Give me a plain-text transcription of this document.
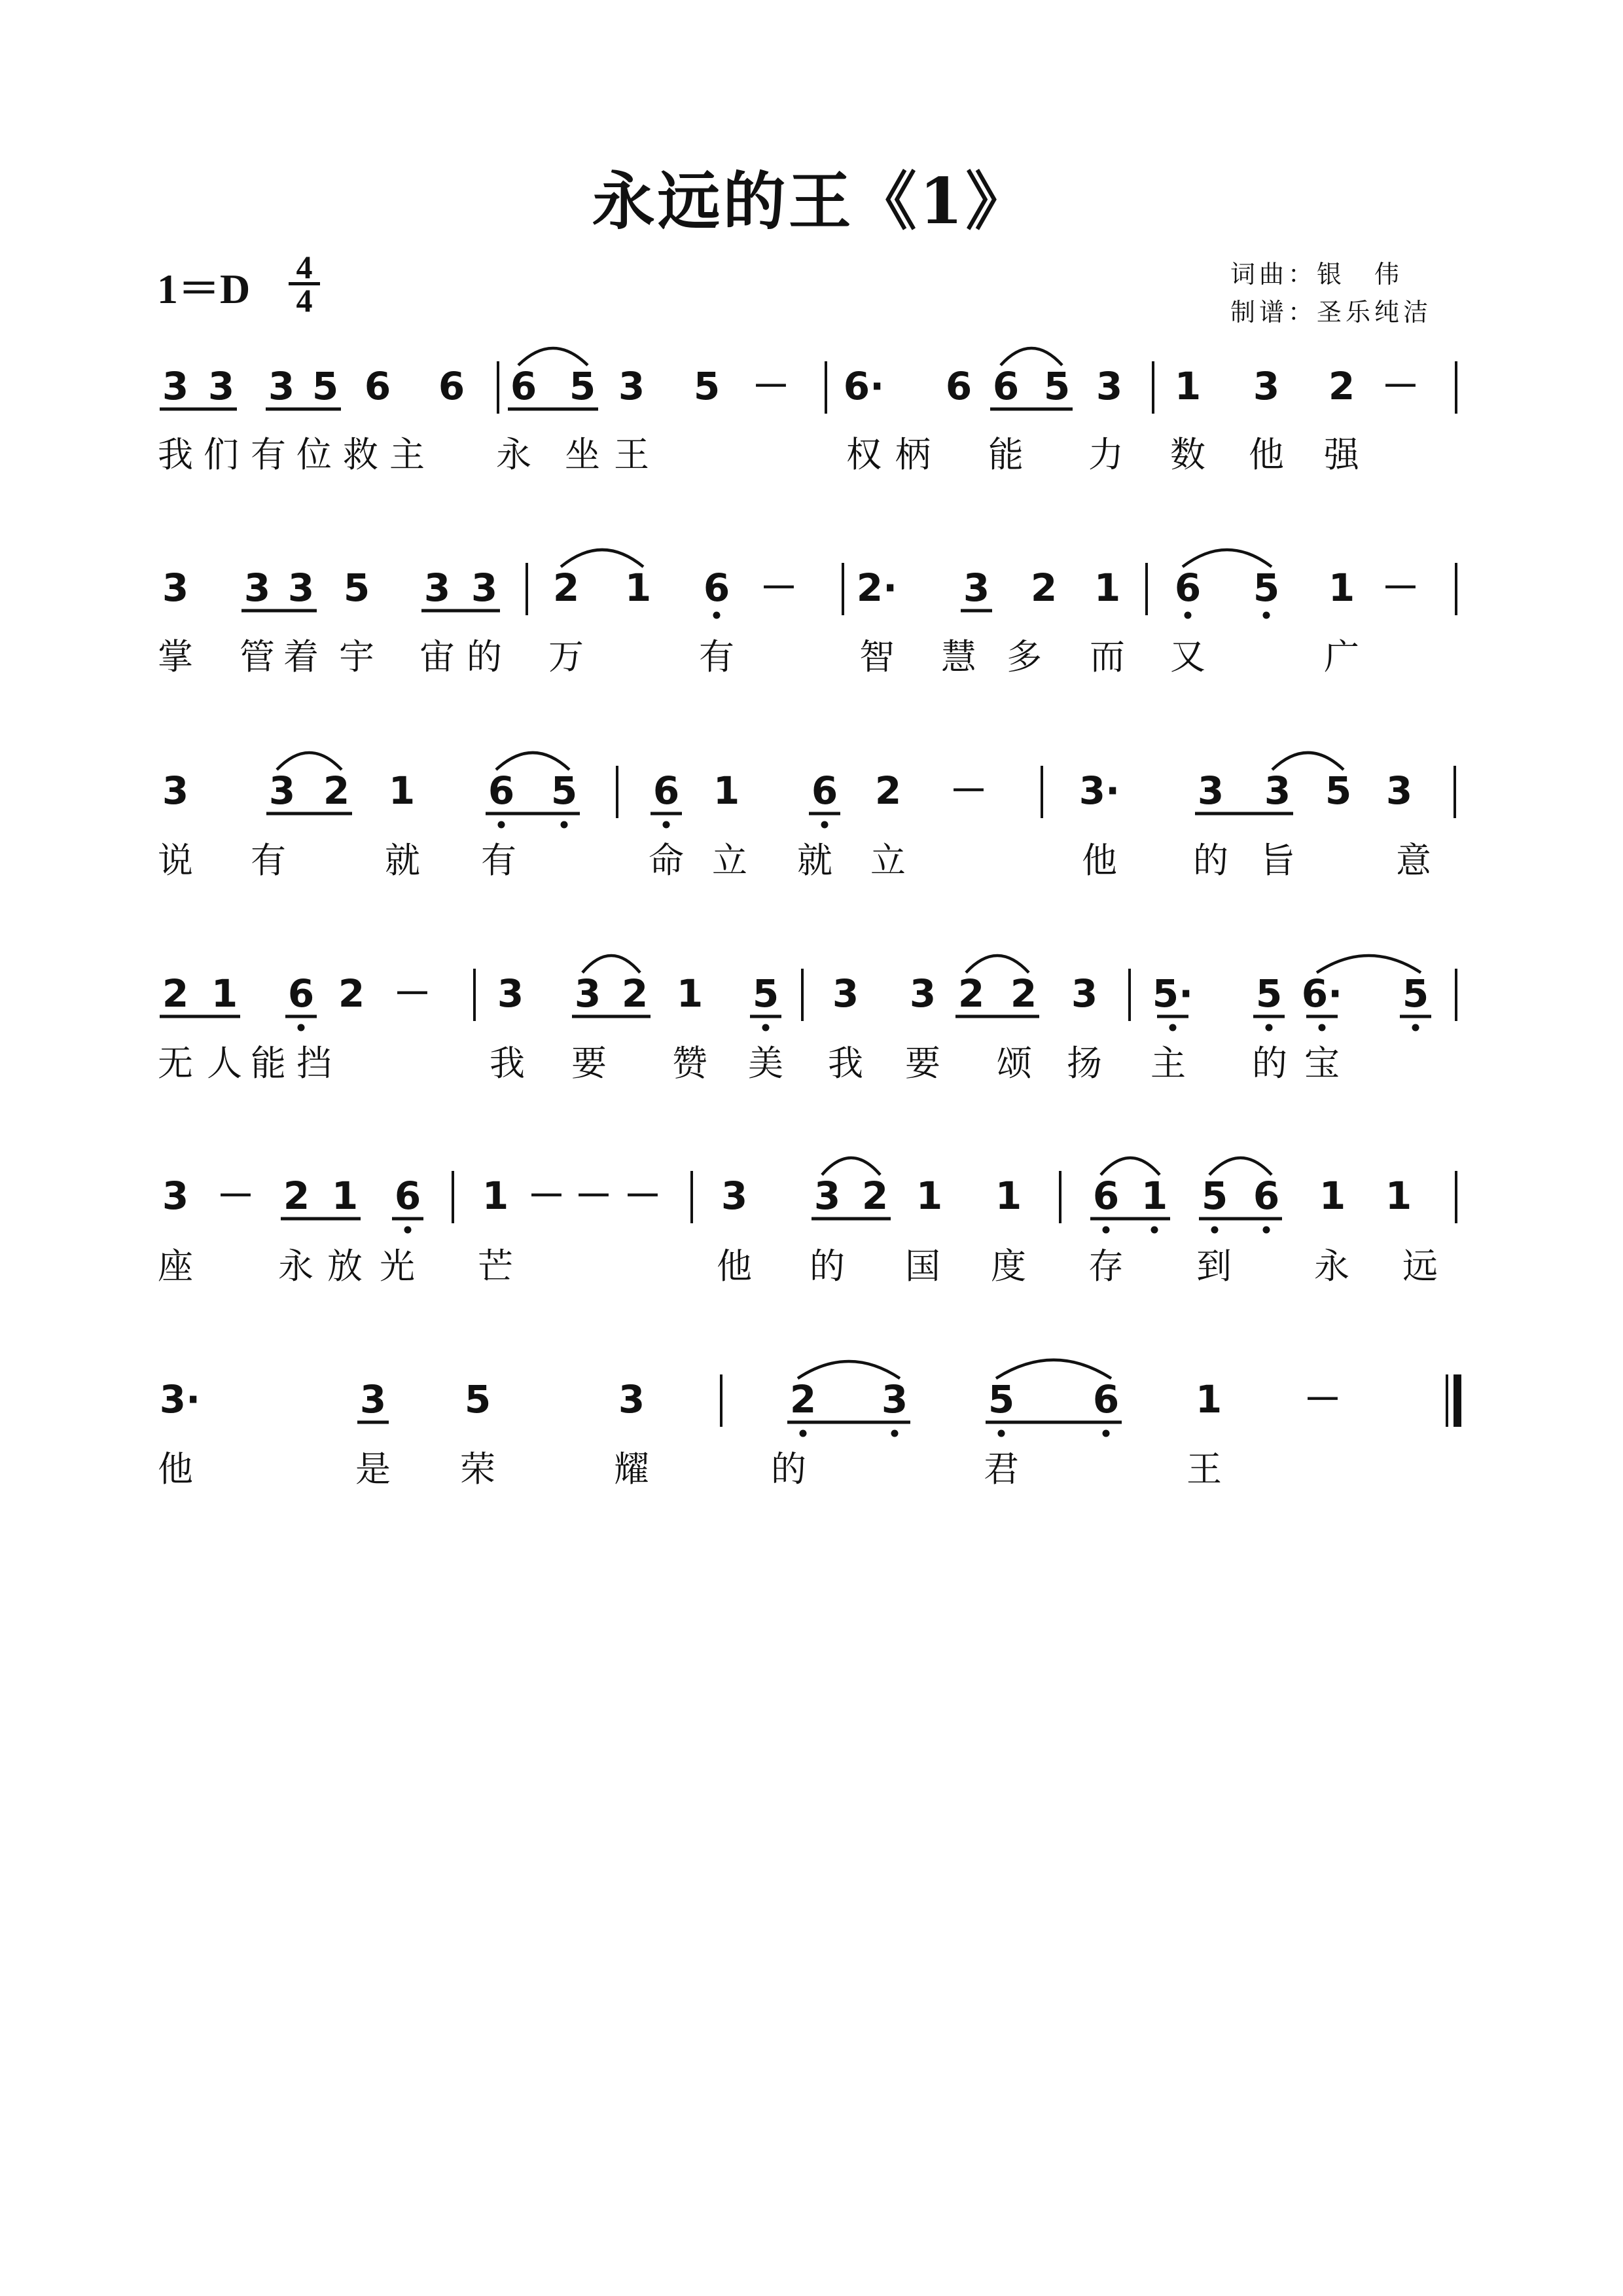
永远的王《1》
1＝D	4
4
词曲：银　伟
制谱：圣乐纯洁
3 3 3 5 6 6 6 5 3 5 － 6· 6 6 5 3 1 3 2 －
我 们 有 位 救 主 永 坐 王	权 柄 能 力 数 他 强
3 3 3 5 3 3 2 1 6 － 2· 3 2 1 6 5 1 －
掌 管 着 宇 宙 的 万	有	智 慧 多 而 又	广
3 3 2 1 6 5 6 1 6 2 － 3· 3 3 5 3
说 有	就 有	命 立 就 立	他 的 旨	意
2 1 6 2 － 3 3 2 1 5 3 3 2 2 3 5· 5 6· 5
无 人 能 挡	我 要 赞 美 我 要 颂 扬 主 的 宝
3 － 2 1 6 1 － － － 3 3 2 1 1 6 1 5 6 1 1
座 永 放 光 芒	他 的 国 度 存 到 永 远
3·	3 5	3	2 3 5 6 1 －
他	是 荣	耀	的	君	王
